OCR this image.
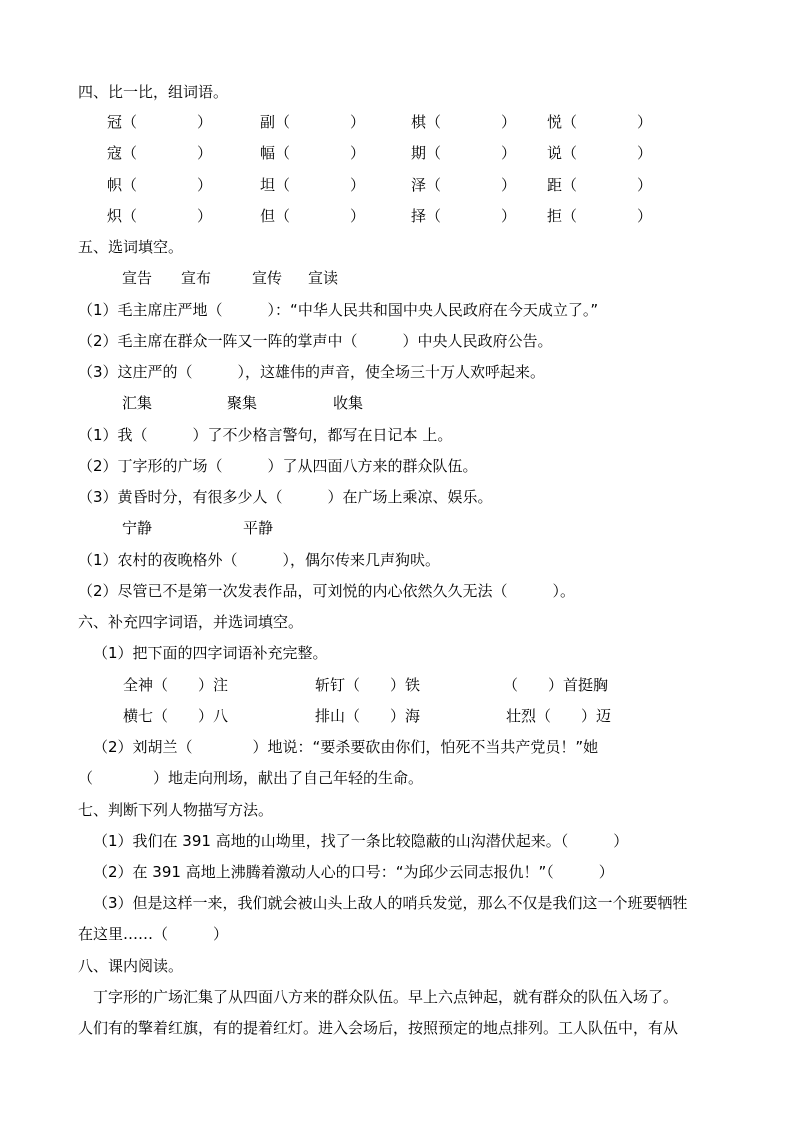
四、比一比，组词语。
冠（　　　　）	副（　　　　）	棋（　　　　） 悦（　　　　）
寇（　　　　）	幅（　　　　）	期（　　　　） 说（　　　　）
帜（　　　　）	坦（　　　　）	泽（　　　　） 距（　　　　）
炽（　　　　）	但（　　　　）	择（　　　　） 拒（　　　　）
五、选词填空。
宣告 宣布	宣传 宣读
（1）毛主席庄严地（　　　）：“中华人民共和国中央人民政府在今天成立了。”
（2）毛主席在群众一阵又一阵的掌声中（　　　）中央人民政府公告。
（3）这庄严的（　　　），这雄伟的声音，使全场三十万人欢呼起来。
汇集	聚集	收集
（1）我（　　　）了不少格言警句，都写在日记本 上。
（2）丁字形的广场（　　　）了从四面八方来的群众队伍。
（3）黄昏时分，有很多少人（　　　）在广场上乘凉、娱乐。
宁静	平静
（1）农村的夜晚格外（　　　），偶尔传来几声狗吠。
（2）尽管已不是第一次发表作品，可刘悦的内心依然久久无法（　　　）。
六、补充四字词语，并选词填空。
（1）把下面的四字词语补充完整。
全神（　　）注	斩钉（　　）铁	（　　）首挺胸
横七（　　）八	排山（　　）海	壮烈（　　）迈
（2）刘胡兰（　　　　）地说：“要杀要砍由你们，怕死不当共产党员！”她
（　　　　）地走向刑场，献出了自己年轻的生命。
七、判断下列人物描写方法。
（1）我们在 391 高地的山坳里，找了一条比较隐蔽的山沟潜伏起来。（　　　）
（2）在 391 高地上沸腾着激动人心的口号：“为邱少云同志报仇！”（　　　）
（3）但是这样一来，我们就会被山头上敌人的哨兵发觉，那么不仅是我们这一个班要牺牲
在这里……（　　　）
八、课内阅读。
丁字形的广场汇集了从四面八方来的群众队伍。早上六点钟起，就有群众的队伍入场了。
人们有的擎着红旗，有的提着红灯。进入会场后，按照预定的地点排列。工人队伍中，有从
